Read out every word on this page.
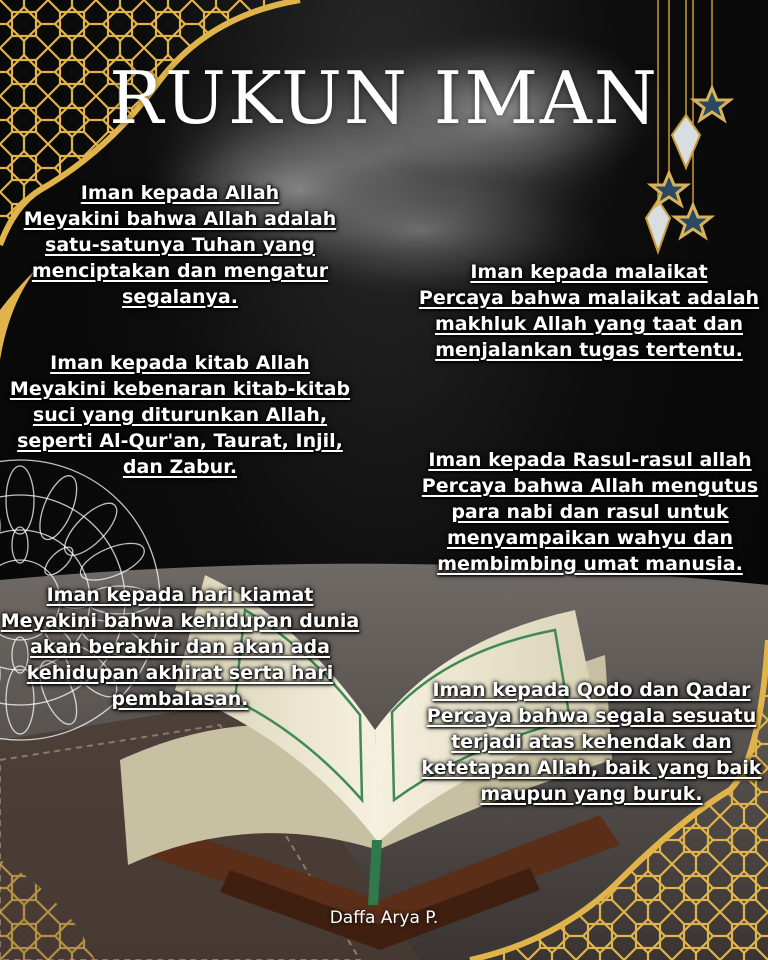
RUKUN IMAN
Iman kepada Allah
Meyakini bahwa Allah adalah satu-satunya Tuhan yang menciptakan dan mengatur segalanya.
Iman kepada malaikat
Percaya bahwa malaikat adalah makhluk Allah yang taat dan menjalankan tugas tertentu.
Iman kepada kitab Allah
Meyakini kebenaran kitab-kitab suci yang diturunkan Allah, seperti Al-Qur'an, Taurat, Injil, dan Zabur.	Iman kepada Rasul-rasul allah
Percaya bahwa Allah mengutus para nabi dan rasul untuk menyampaikan wahyu dan membimbing umat manusia.
Iman kepada hari kiamat
Meyakini bahwa kehidupan dunia akan berakhir dan akan ada kehidupan akhirat serta hari pembalasan.	Iman kepada Qodo dan Qadar
Percaya bahwa segala sesuatu terjadi atas kehendak dan ketetapan Allah, baik yang baik maupun yang buruk.
Daffa Arya P.
